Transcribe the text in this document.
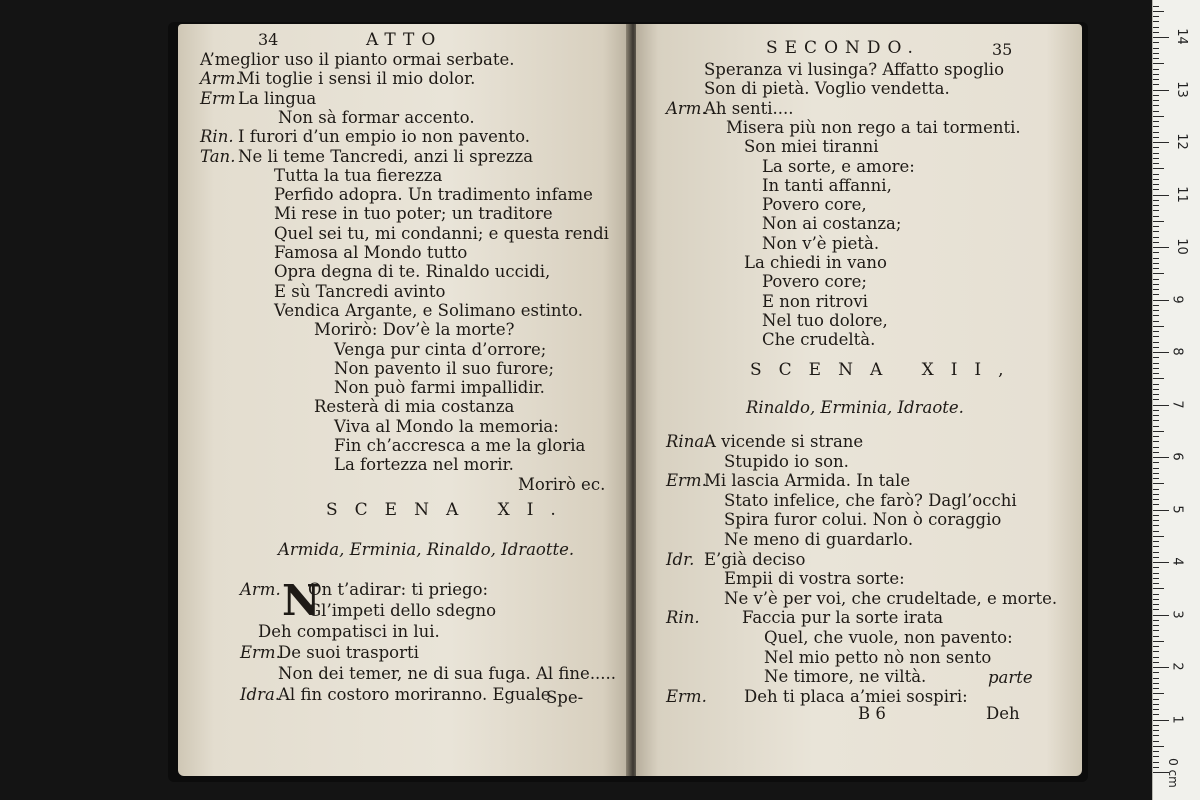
34	ATTO
A’meglior uso il pianto ormai serbate.
Arm.
Mi toglie i sensi il mio dolor.
Erm La lingua
Non sà formar accento.
Rin. I furori d’un empio io non pavento.
Tan. Ne li teme Tancredi, anzi li sprezza
Tutta la tua fierezza
Perfido adopra. Un tradimento infame
Mi rese in tuo poter; un traditore
Quel sei tu, mi condanni; e questa rendi
Famosa al Mondo tutto
Opra degna di te. Rinaldo uccidi,
E sù Tancredi avinto
Vendica Argante, e Solimano estinto.
Morirò: Dov’è la morte?
Venga pur cinta d’orrore;
Non pavento il suo furore;
Non può farmi impallidir.
Resterà di mia costanza
Viva al Mondo la memoria:
Fin ch’accresca a me la gloria
La fortezza nel morir.
Morirò ec.
SCENA XI.
Armida, Erminia, Rinaldo, Idraotte.
Arm. N
On t’adirar: ti priego:
Gl’impeti dello sdegno
Deh compatisci in lui.
Erm.
De suoi trasporti
Non dei temer, ne di sua fuga. Al fine.....
Idra.
Al fin costoro moriranno. Eguale
Spe-
SECONDO.	35
Speranza vi lusinga? Affatto spoglio
Son di pietà. Voglio vendetta.
Arm.
Ah senti....
Misera più non rego a tai tormenti.
Son miei tiranni
La sorte, e amore:
In tanti affanni,
Povero core,
Non ai costanza;
Non v’è pietà.
La chiedi in vano
Povero core;
E non ritrovi
Nel tuo dolore,
Che crudeltà.
SCENA XII,
Rinaldo, Erminia, Idraote.
Rina.
A vicende si strane
Stupido io son.
Erm.
Mi lascia Armida. In tale
Stato infelice, che farò? Dagl’occhi
Spira furor colui. Non ò coraggio
Ne meno di guardarlo.
Idr. E’già deciso
Empii di vostra sorte:
Ne v’è per voi, che crudeltade, e morte.
Rin.	Faccia pur la sorte irata
Quel, che vuole, non pavento:
Nel mio petto nò non sento
Ne timore, ne viltà.
Erm. Deh ti placa a’miei sospiri:
parte
B 6	Deh	1
2
3
4
5
6
7
8
9
10
11
12
13
14
0 cm
